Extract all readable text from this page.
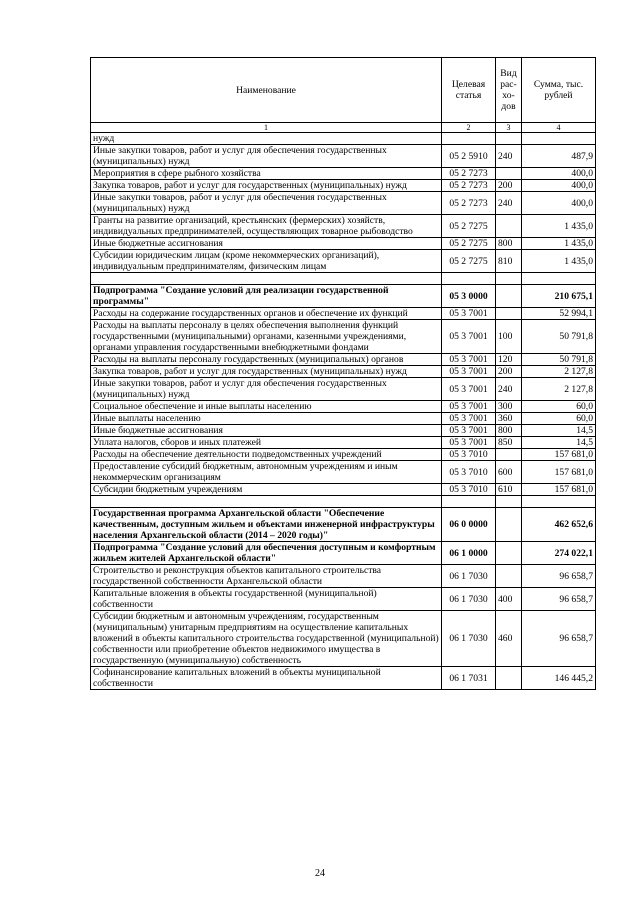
Наименование	Целевая статья	Вид рас-хо-дов	Сумма, тыс. рублей
1	2	3	4
нужд			
Иные закупки товаров, работ и услуг для обеспечения государственных (муниципальных) нужд	05 2 5910	240	487,9
Мероприятия в сфере рыбного хозяйства	05 2 7273		400,0
Закупка товаров, работ и услуг для государственных (муниципальных) нужд	05 2 7273	200	400,0
Иные закупки товаров, работ и услуг для обеспечения государственных (муниципальных) нужд	05 2 7273	240	400,0
Гранты на развитие организаций, крестьянских (фермерских) хозяйств, индивидуальных предпринимателей, осуществляющих товарное рыбоводство	05 2 7275		1 435,0
Иные бюджетные ассигнования	05 2 7275	800	1 435,0
Субсидии юридическим лицам (кроме некоммерческих организаций), индивидуальным предпринимателям, физическим лицам	05 2 7275	810	1 435,0

Подпрограмма "Создание условий для реализации государственной программы"	05 3 0000		210 675,1
Расходы на содержание государственных органов и обеспечение их функций	05 3 7001		52 994,1
Расходы на выплаты персоналу в целях обеспечения выполнения функций государственными (муниципальными) органами, казенными учреждениями, органами управления государственными внебюджетными фондами	05 3 7001	100	50 791,8
Расходы на выплаты персоналу государственных (муниципальных) органов	05 3 7001	120	50 791,8
Закупка товаров, работ и услуг для государственных (муниципальных) нужд	05 3 7001	200	2 127,8
Иные закупки товаров, работ и услуг для обеспечения государственных (муниципальных) нужд	05 3 7001	240	2 127,8
Социальное обеспечение и иные выплаты населению	05 3 7001	300	60,0
Иные выплаты населению	05 3 7001	360	60,0
Иные бюджетные ассигнования	05 3 7001	800	14,5
Уплата налогов, сборов и иных платежей	05 3 7001	850	14,5
Расходы на обеспечение деятельности подведомственных учреждений	05 3 7010		157 681,0
Предоставление субсидий бюджетным, автономным учреждениям и иным некоммерческим организациям	05 3 7010	600	157 681,0
Субсидии бюджетным учреждениям	05 3 7010	610	157 681,0

Государственная программа Архангельской области "Обеспечение качественным, доступным жильем и объектами инженерной инфраструктуры населения Архангельской области (2014 – 2020 годы)"	06 0 0000		462 652,6
Подпрограмма "Создание условий для обеспечения доступным и комфортным жильем жителей Архангельской области"	06 1 0000		274 022,1
Строительство и реконструкция объектов капитального строительства государственной собственности Архангельской области	06 1 7030		96 658,7
Капитальные вложения в объекты государственной (муниципальной) собственности	06 1 7030	400	96 658,7
Субсидии бюджетным и автономным учреждениям, государственным (муниципальным) унитарным предприятиям на осуществление капитальных вложений в объекты капитального строительства государственной (муниципальной) собственности или приобретение объектов недвижимого имущества в государственную (муниципальную) собственность	06 1 7030	460	96 658,7
Софинансирование капитальных вложений в объекты муниципальной собственности	06 1 7031		146 445,2
24
